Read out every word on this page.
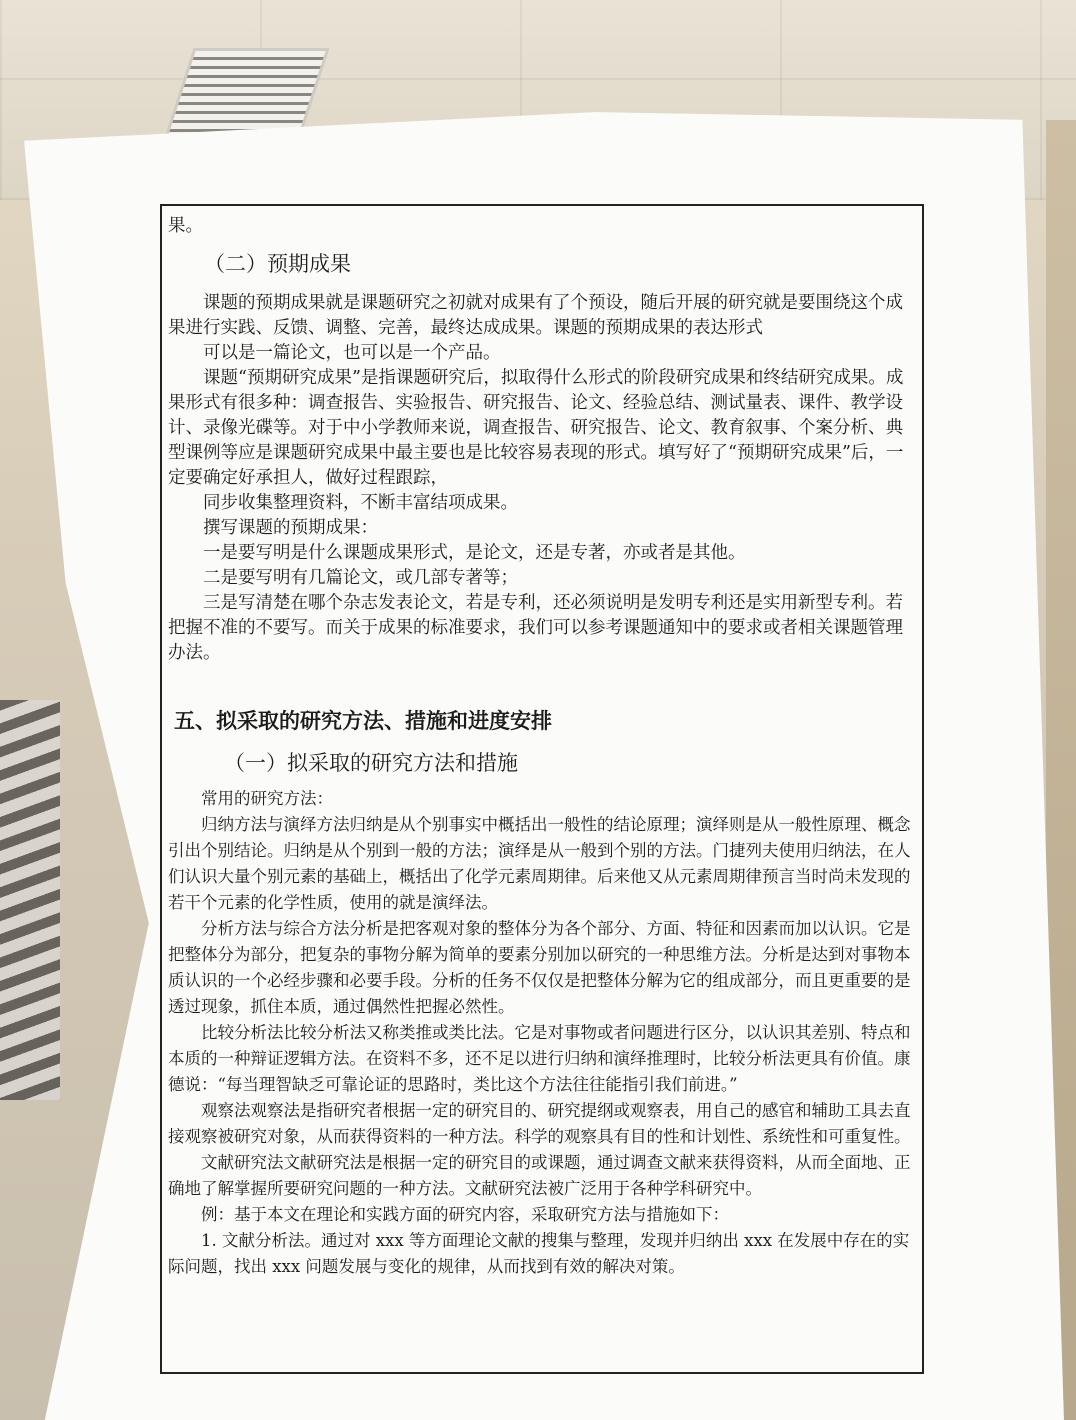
果。

（二）预期成果

课题的预期成果就是课题研究之初就对成果有了个预设，随后开展的研究就是要围绕这个成果进行实践、反馈、调整、完善，最终达成成果。课题的预期成果的表达形式

可以是一篇论文，也可以是一个产品。

课题“预期研究成果”是指课题研究后，拟取得什么形式的阶段研究成果和终结研究成果。成果形式有很多种：调查报告、实验报告、研究报告、论文、经验总结、测试量表、课件、教学设计、录像光碟等。对于中小学教师来说，调查报告、研究报告、论文、教育叙事、个案分析、典型课例等应是课题研究成果中最主要也是比较容易表现的形式。填写好了“预期研究成果”后，一定要确定好承担人，做好过程跟踪，

同步收集整理资料，不断丰富结项成果。

撰写课题的预期成果：

一是要写明是什么课题成果形式，是论文，还是专著，亦或者是其他。

二是要写明有几篇论文，或几部专著等；

三是写清楚在哪个杂志发表论文，若是专利，还必须说明是发明专利还是实用新型专利。若把握不准的不要写。而关于成果的标准要求，我们可以参考课题通知中的要求或者相关课题管理办法。

五、拟采取的研究方法、措施和进度安排

（一）拟采取的研究方法和措施

常用的研究方法：

归纳方法与演绎方法归纳是从个别事实中概括出一般性的结论原理；演绎则是从一般性原理、概念引出个别结论。归纳是从个别到一般的方法；演绎是从一般到个别的方法。门捷列夫使用归纳法，在人们认识大量个别元素的基础上，概括出了化学元素周期律。后来他又从元素周期律预言当时尚未发现的若干个元素的化学性质，使用的就是演绎法。

分析方法与综合方法分析是把客观对象的整体分为各个部分、方面、特征和因素而加以认识。它是把整体分为部分，把复杂的事物分解为简单的要素分别加以研究的一种思维方法。分析是达到对事物本质认识的一个必经步骤和必要手段。分析的任务不仅仅是把整体分解为它的组成部分，而且更重要的是透过现象，抓住本质，通过偶然性把握必然性。

比较分析法比较分析法又称类推或类比法。它是对事物或者问题进行区分，以认识其差别、特点和本质的一种辩证逻辑方法。在资料不多，还不足以进行归纳和演绎推理时，比较分析法更具有价值。康德说：“每当理智缺乏可靠论证的思路时，类比这个方法往往能指引我们前进。”

观察法观察法是指研究者根据一定的研究目的、研究提纲或观察表，用自己的感官和辅助工具去直接观察被研究对象，从而获得资料的一种方法。科学的观察具有目的性和计划性、系统性和可重复性。

文献研究法文献研究法是根据一定的研究目的或课题，通过调查文献来获得资料，从而全面地、正确地了解掌握所要研究问题的一种方法。文献研究法被广泛用于各种学科研究中。

例：基于本文在理论和实践方面的研究内容，采取研究方法与措施如下：

1. 文献分析法。通过对 xxx 等方面理论文献的搜集与整理，发现并归纳出 xxx 在发展中存在的实际问题，找出 xxx 问题发展与变化的规律，从而找到有效的解决对策。
